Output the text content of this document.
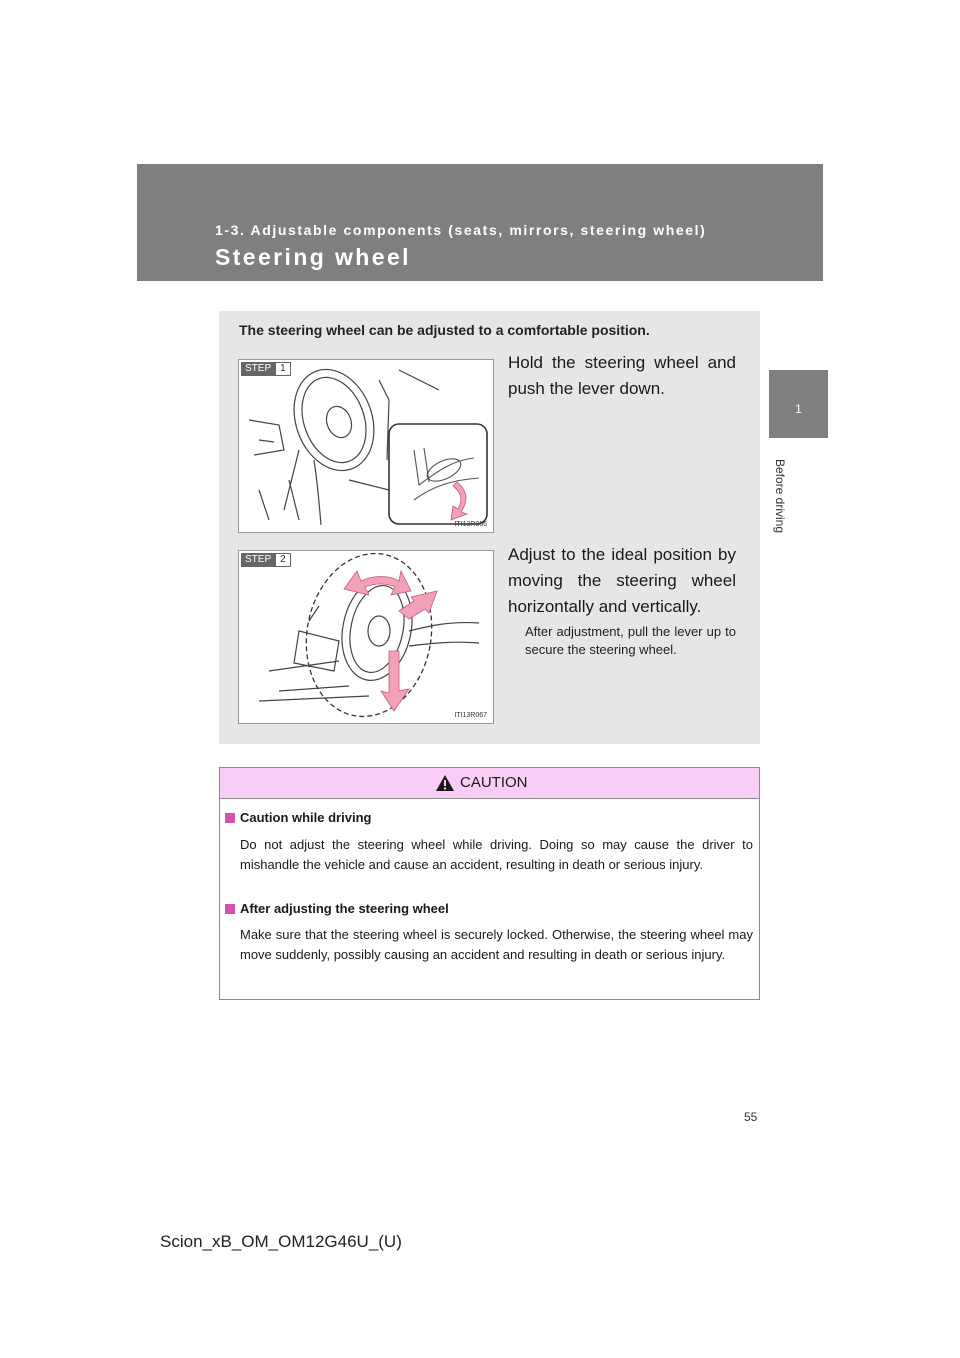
1-3. Adjustable components (seats, mirrors, steering wheel)
Steering wheel
1
Before driving
The steering wheel can be adjusted to a comfortable position.
STEP 1
ITI13R066
Hold the steering wheel and push the lever down.
STEP 2
ITI13R067
Adjust to the ideal position by moving the steering wheel horizontally and vertically.
After adjustment, pull the lever up to secure the steering wheel.
CAUTION
Caution while driving
Do not adjust the steering wheel while driving. Doing so may cause the driver to mishandle the vehicle and cause an accident, resulting in death or serious injury.
After adjusting the steering wheel
Make sure that the steering wheel is securely locked. Otherwise, the steering wheel may move suddenly, possibly causing an accident and resulting in death or serious injury.
55
Scion_xB_OM_OM12G46U_(U)
